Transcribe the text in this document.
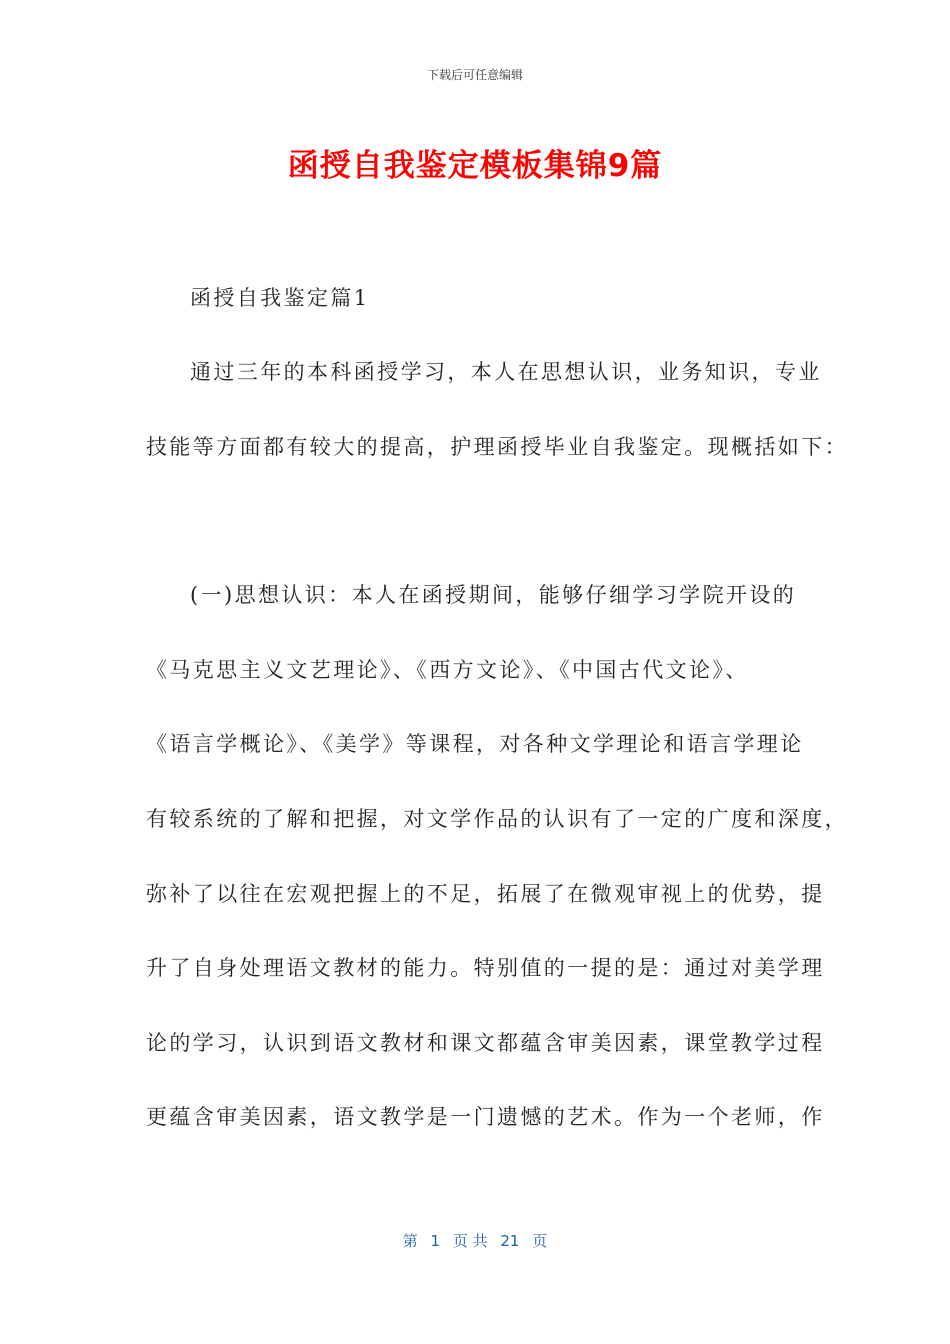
下载后可任意编辑
函授自我鉴定模板集锦9篇
函授自我鉴定篇1
通过三年的本科函授学习，本人在思想认识，业务知识，专业
技能等方面都有较大的提高，护理函授毕业自我鉴定。现概括如下：
(一)思想认识：本人在函授期间，能够仔细学习学院开设的
《马克思主义文艺理论》、《西方文论》、《中国古代文论》、
《语言学概论》、《美学》等课程，对各种文学理论和语言学理论
有较系统的了解和把握，对文学作品的认识有了一定的广度和深度，
弥补了以往在宏观把握上的不足，拓展了在微观审视上的优势，提
升了自身处理语文教材的能力。特别值的一提的是：通过对美学理
论的学习，认识到语文教材和课文都蕴含审美因素，课堂教学过程
更蕴含审美因素，语文教学是一门遗憾的艺术。作为一个老师，作
第 1 页 共 21 页
